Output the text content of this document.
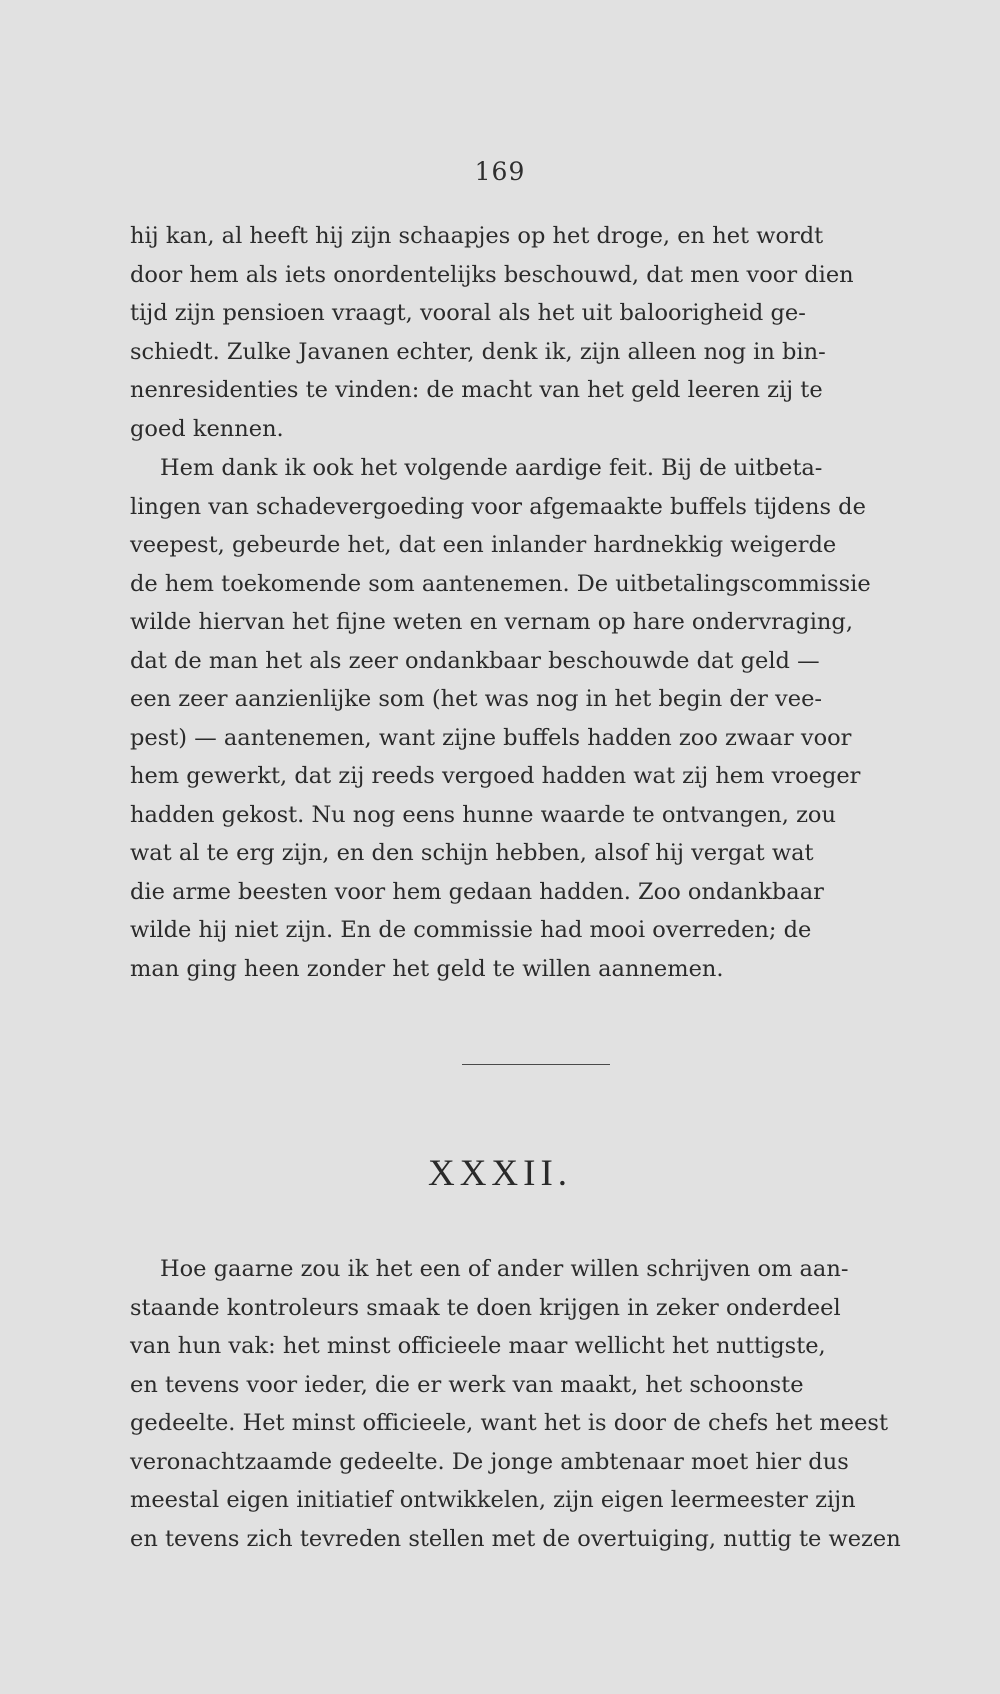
169
hij kan, al heeft hij zijn schaapjes op het droge, en het wordt
door hem als iets onordentelijks beschouwd, dat men voor dien
tijd zijn pensioen vraagt, vooral als het uit baloorigheid ge-
schiedt. Zulke Javanen echter, denk ik, zijn alleen nog in bin-
nenresidenties te vinden: de macht van het geld leeren zij te
goed kennen.
Hem dank ik ook het volgende aardige feit. Bij de uitbeta-
lingen van schadevergoeding voor afgemaakte buffels tijdens de
veepest, gebeurde het, dat een inlander hardnekkig weigerde
de hem toekomende som aantenemen. De uitbetalingscommissie
wilde hiervan het fijne weten en vernam op hare ondervraging,
dat de man het als zeer ondankbaar beschouwde dat geld —
een zeer aanzienlijke som (het was nog in het begin der vee-
pest) — aantenemen, want zijne buffels hadden zoo zwaar voor
hem gewerkt, dat zij reeds vergoed hadden wat zij hem vroeger
hadden gekost. Nu nog eens hunne waarde te ontvangen, zou
wat al te erg zijn, en den schijn hebben, alsof hij vergat wat
die arme beesten voor hem gedaan hadden. Zoo ondankbaar
wilde hij niet zijn. En de commissie had mooi overreden; de
man ging heen zonder het geld te willen aannemen.
XXXII.
Hoe gaarne zou ik het een of ander willen schrijven om aan-
staande kontroleurs smaak te doen krijgen in zeker onderdeel
van hun vak: het minst officieele maar wellicht het nuttigste,
en tevens voor ieder, die er werk van maakt, het schoonste
gedeelte. Het minst officieele, want het is door de chefs het meest
veronachtzaamde gedeelte. De jonge ambtenaar moet hier dus
meestal eigen initiatief ontwikkelen, zijn eigen leermeester zijn
en tevens zich tevreden stellen met de overtuiging, nuttig te wezen
